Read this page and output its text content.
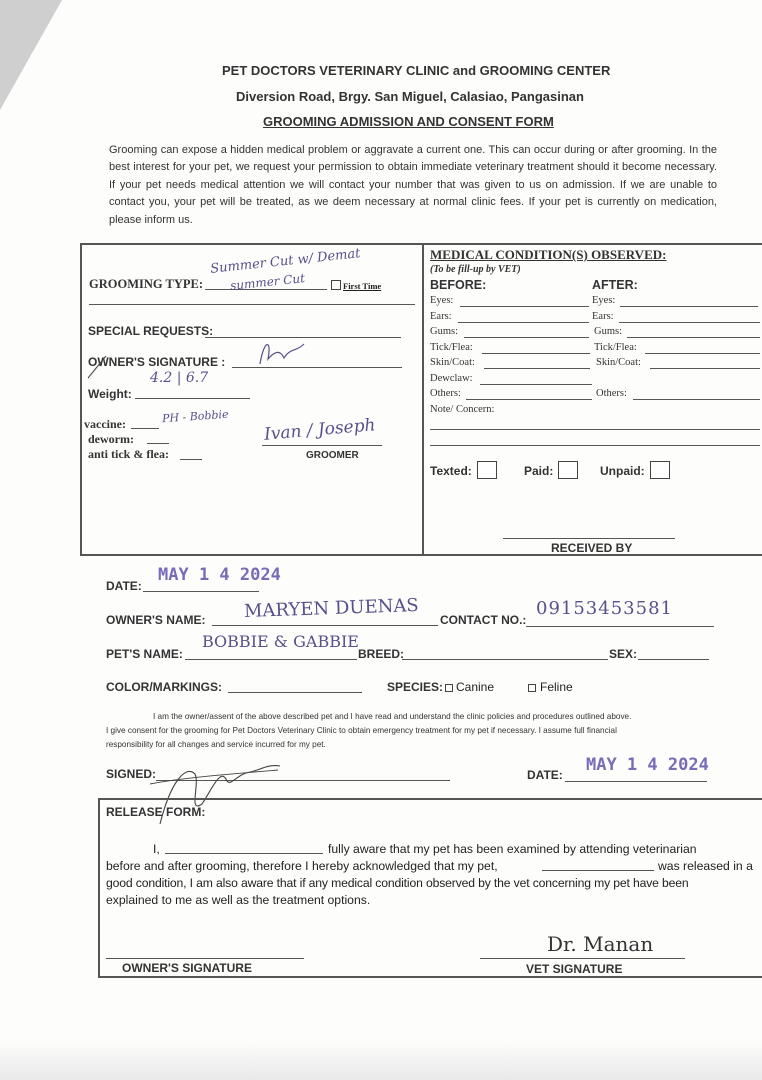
PET DOCTORS VETERINARY CLINIC and GROOMING CENTER
Diversion Road, Brgy. San Miguel, Calasiao, Pangasinan
GROOMING ADMISSION AND CONSENT FORM
Grooming can expose a hidden medical problem or aggravate a current one. This can occur during or after grooming. In the best interest for your pet, we request your permission to obtain immediate veterinary treatment should it become necessary. If your pet needs medical attention we will contact your number that was given to us on admission. If we are unable to contact you, your pet will be treated, as we deem necessary at normal clinic fees. If your pet is currently on medication, please inform us.
GROOMING TYPE:
Summer Cut w/ Demat
summer Cut	First Time
SPECIAL REQUESTS:
OWNER'S SIGNATURE :
Weight:
4.2 | 6.7
vaccine:	PH - Bobbie
deworm:
anti tick & flea:
Ivan / Joseph
GROOMER
MEDICAL CONDITION(S) OBSERVED:
(To be fill-up by VET)
BEFORE:	AFTER:
Eyes:	Eyes:
Ears:	Ears:
Gums:	Gums:
Tick/Flea:	Tick/Flea:
Skin/Coat:	Skin/Coat:
Dewclaw:
Others:	Others:
Note/ Concern:
Texted:	Paid:	Unpaid:
RECEIVED BY
DATE:
MAY 1 4 2024
OWNER'S NAME: MARYEN DUENAS CONTACT NO.:
09153453581
PET'S NAME:
BOBBIE & GABBIE
BREED:	SEX:
COLOR/MARKINGS:	SPECIES: Canine	Feline
I am the owner/assent of the above described pet and I have read and understand the clinic policies and procedures outlined above.
I give consent for the grooming for Pet Doctors Veterinary Clinic to obtain emergency treatment for my pet if necessary. I assume full financial
responsibility for all changes and service incurred for my pet.
SIGNED:	DATE: MAY 1 4 2024
RELEASE FORM:
I,	fully aware that my pet has been examined by attending veterinarian
before and after grooming, therefore I hereby acknowledged that my pet,	was released in a
good condition, I am also aware that if any medical condition observed by the vet concerning my pet have been
explained to me as well as the treatment options.
OWNER'S SIGNATURE
Dr. Manan
VET SIGNATURE
